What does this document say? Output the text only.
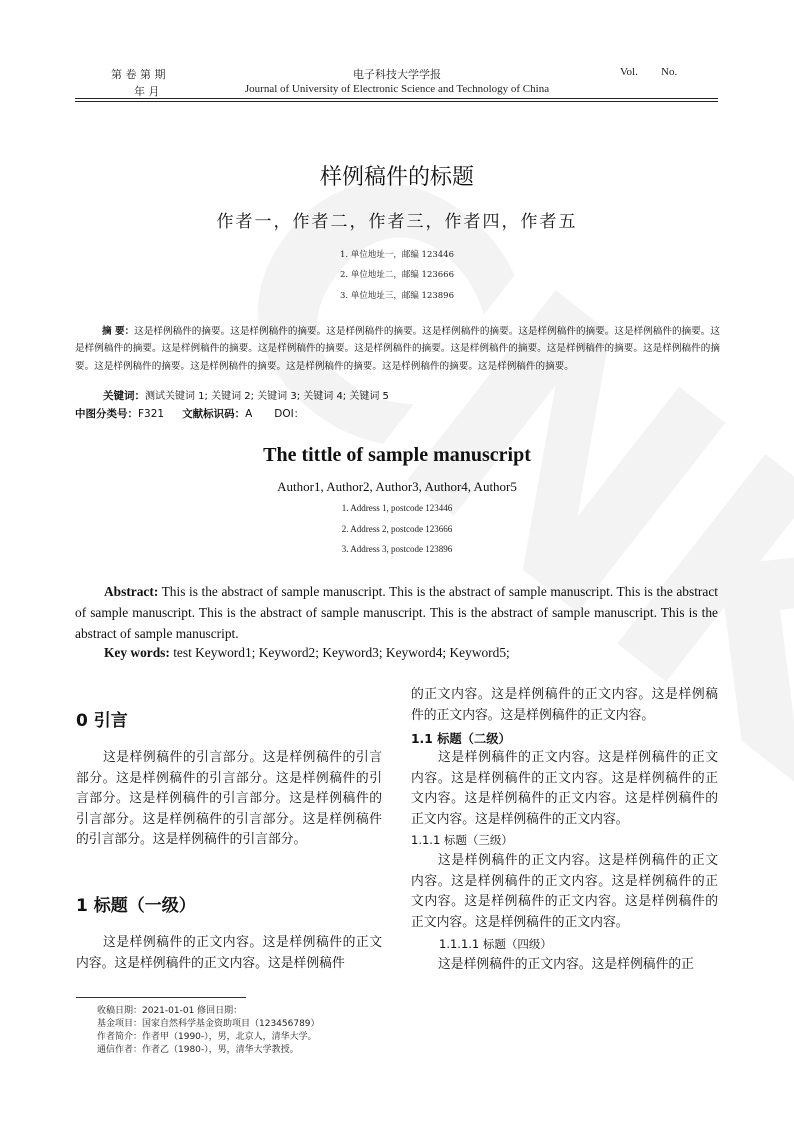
第 卷 第 期
年 月
电子科技大学学报
Journal of University of Electronic Science and Technology of China
Vol. No.
样例稿件的标题
作者一，作者二，作者三，作者四，作者五
1. 单位地址一，邮编 123446
2. 单位地址二，邮编 123666
3. 单位地址三，邮编 123896
摘 要：这是样例稿件的摘要。这是样例稿件的摘要。这是样例稿件的摘要。这是样例稿件的摘要。这是样例稿件的摘要。这是样例稿件的摘要。这是样例稿件的摘要。这是样例稿件的摘要。这是样例稿件的摘要。这是样例稿件的摘要。这是样例稿件的摘要。这是样例稿件的摘要。这是样例稿件的摘要。这是样例稿件的摘要。这是样例稿件的摘要。这是样例稿件的摘要。这是样例稿件的摘要。这是样例稿件的摘要。
关键词：测试关键词 1; 关键词 2; 关键词 3; 关键词 4; 关键词 5
中图分类号：F321 文献标识码：A DOI：
The tittle of sample manuscript
Author1, Author2, Author3, Author4, Author5
1. Address 1, postcode 123446
2. Address 2, postcode 123666
3. Address 3, postcode 123896
Abstract: This is the abstract of sample manuscript. This is the abstract of sample manuscript. This is the abstract of sample manuscript. This is the abstract of sample manuscript. This is the abstract of sample manuscript. This is the abstract of sample manuscript.
Key words: test Keyword1; Keyword2; Keyword3; Keyword4; Keyword5;
0 引言
这是样例稿件的引言部分。这是样例稿件的引言部分。这是样例稿件的引言部分。这是样例稿件的引言部分。这是样例稿件的引言部分。这是样例稿件的引言部分。这是样例稿件的引言部分。这是样例稿件的引言部分。这是样例稿件的引言部分。
1 标题（一级）
这是样例稿件的正文内容。这是样例稿件的正文内容。这是样例稿件的正文内容。这是样例稿件
的正文内容。这是样例稿件的正文内容。这是样例稿件的正文内容。这是样例稿件的正文内容。
1.1 标题（二级）
这是样例稿件的正文内容。这是样例稿件的正文内容。这是样例稿件的正文内容。这是样例稿件的正文内容。这是样例稿件的正文内容。这是样例稿件的正文内容。这是样例稿件的正文内容。
1.1.1 标题（三级）
这是样例稿件的正文内容。这是样例稿件的正文内容。这是样例稿件的正文内容。这是样例稿件的正文内容。这是样例稿件的正文内容。这是样例稿件的正文内容。这是样例稿件的正文内容。
1.1.1.1 标题（四级）
这是样例稿件的正文内容。这是样例稿件的正
收稿日期：2021-01-01 修回日期：
基金项目：国家自然科学基金资助项目（123456789）
作者简介：作者甲（1990-），男，北京人，清华大学。
通信作者：作者乙（1980-），男，清华大学教授。
